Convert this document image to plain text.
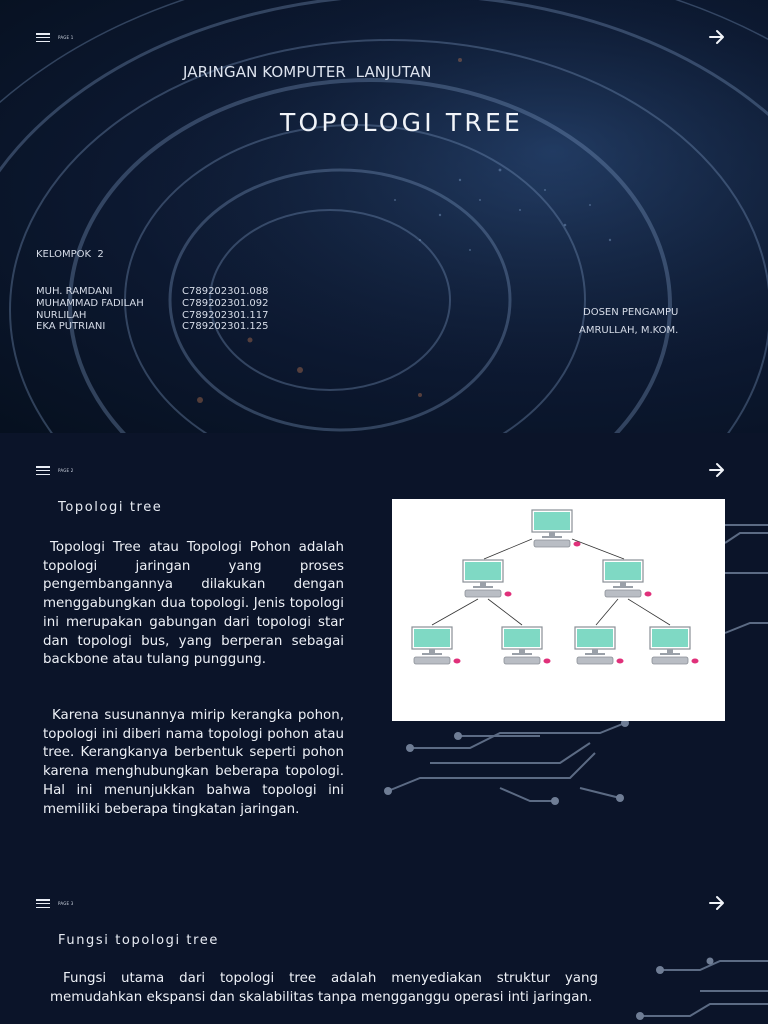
PAGE 1
JARINGAN KOMPUTER  LANJUTAN
TOPOLOGI TREE
KELOMPOK  2
MUH. RAMDANI
MUHAMMAD FADILAH
NURLILAH
EKA PUTRIANI
C789202301.088
C789202301.092
C789202301.117
C789202301.125
DOSEN PENGAMPU
AMRULLAH, M.KOM.
PAGE 2
Topologi tree
Topologi Tree atau Topologi Pohon adalah topologi jaringan yang proses pengembangannya dilakukan dengan menggabungkan dua topologi. Jenis topologi ini merupakan gabungan dari topologi star dan topologi bus, yang berperan sebagai backbone atau tulang punggung.
Karena susunannya mirip kerangka pohon, topologi ini diberi nama topologi pohon atau tree. Kerangkanya berbentuk seperti pohon karena menghubungkan beberapa topologi. Hal ini menunjukkan bahwa topologi ini memiliki beberapa tingkatan jaringan.
PAGE 3
Fungsi topologi tree
Fungsi utama dari topologi tree adalah menyediakan struktur yang memudahkan ekspansi dan skalabilitas tanpa mengganggu operasi inti jaringan.
